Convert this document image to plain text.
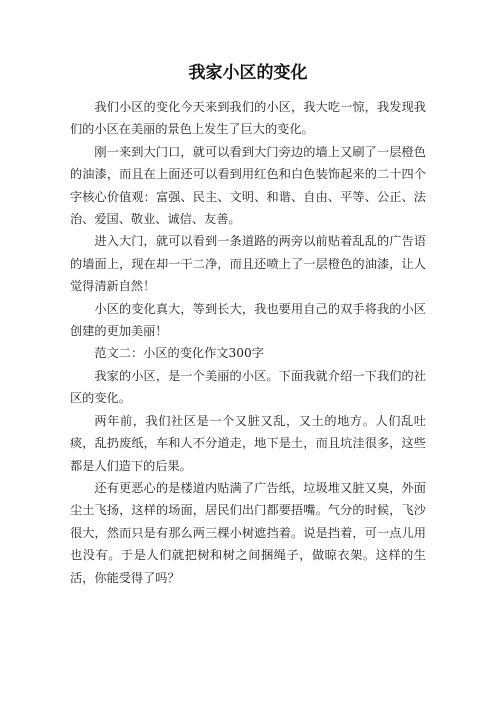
我家小区的变化

我们小区的变化今天来到我们的小区，我大吃一惊，我发现我们的小区在美丽的景色上发生了巨大的变化。

刚一来到大门口，就可以看到大门旁边的墙上又刷了一层橙色的油漆，而且在上面还可以看到用红色和白色装饰起来的二十四个字核心价值观：富强、民主、文明、和谐、自由、平等、公正、法治、爱国、敬业、诚信、友善。

进入大门，就可以看到一条道路的两旁以前贴着乱乱的广告语的墙面上，现在却一干二净，而且还喷上了一层橙色的油漆，让人觉得清新自然！

小区的变化真大，等到长大，我也要用自己的双手将我的小区创建的更加美丽！

范文二：小区的变化作文300字

我家的小区，是一个美丽的小区。下面我就介绍一下我们的社区的变化。

两年前，我们社区是一个又脏又乱，又土的地方。人们乱吐痰，乱扔废纸，车和人不分道走，地下是土，而且坑洼很多，这些都是人们造下的后果。

还有更恶心的是楼道内贴满了广告纸，垃圾堆又脏又臭，外面尘土飞扬，这样的场面，居民们出门都要捂嘴。气分的时候，飞沙很大，然而只是有那么两三棵小树遮挡着。说是挡着，可一点儿用也没有。于是人们就把树和树之间捆绳子，做晾衣架。这样的生活，你能受得了吗？
